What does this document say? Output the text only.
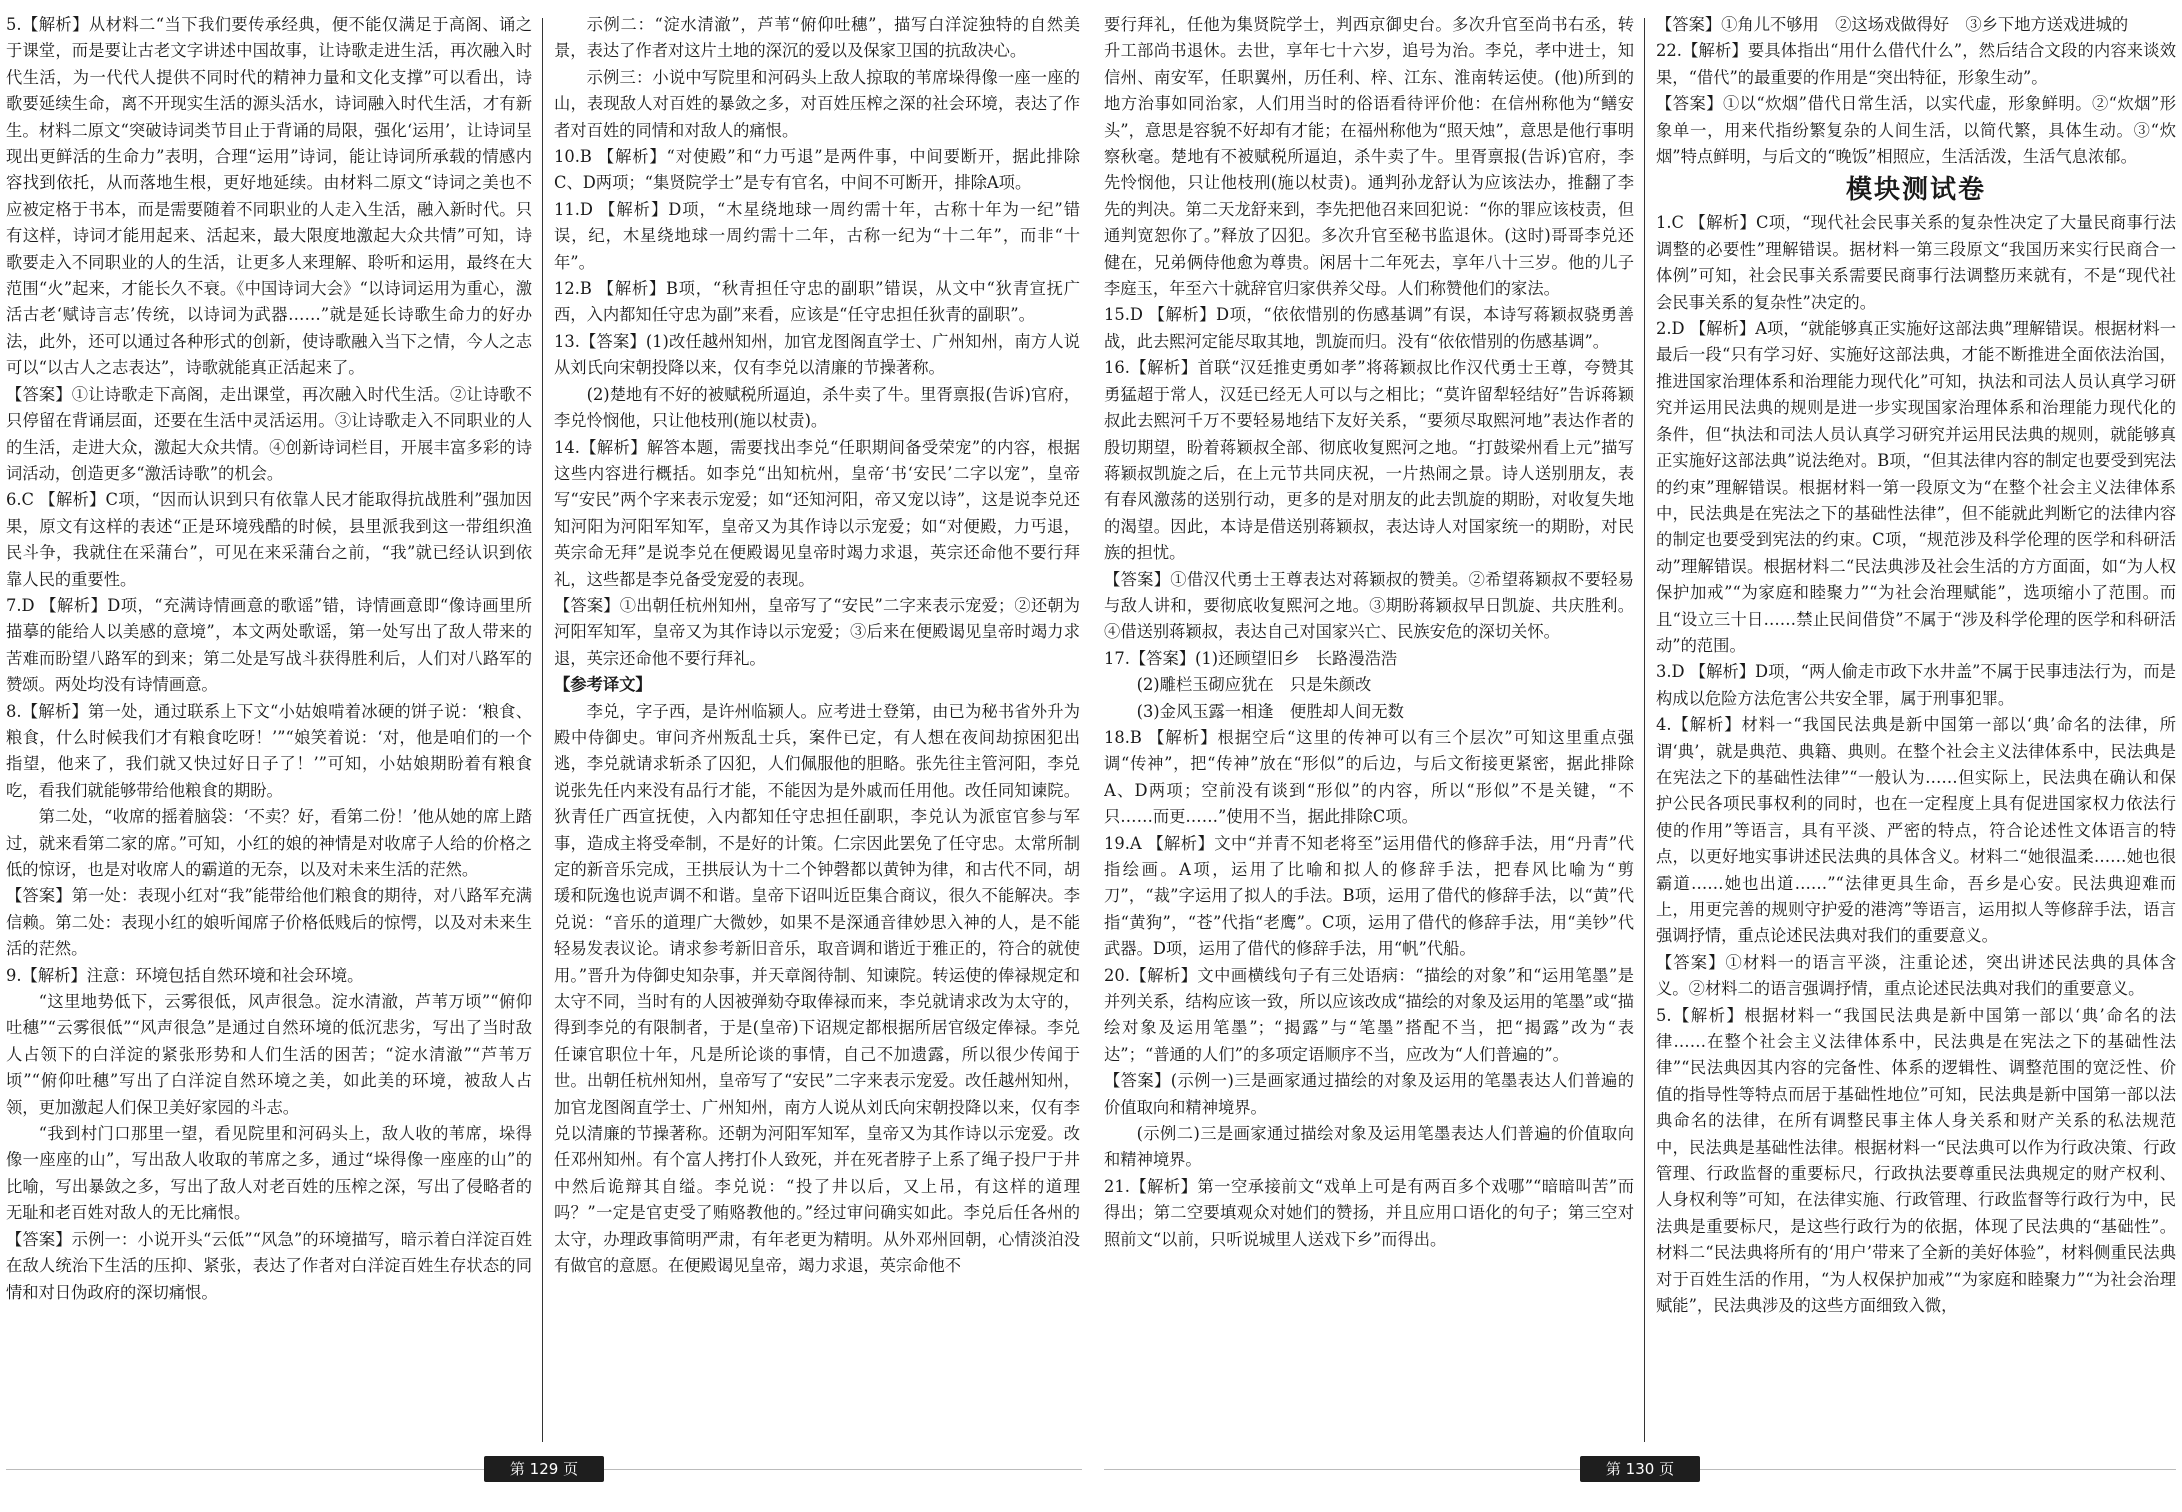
5.【解析】从材料二“当下我们要传承经典，便不能仅满足于高阁、诵之于课堂，而是要让古老文字讲述中国故事，让诗歌走进生活，再次融入时代生活，为一代代人提供不同时代的精神力量和文化支撑”可以看出，诗歌要延续生命，离不开现实生活的源头活水，诗词融入时代生活，才有新生。材料二原文“突破诗词类节目止于背诵的局限，强化‘运用’，让诗词呈现出更鲜活的生命力”表明，合理“运用”诗词，能让诗词所承载的情感内容找到依托，从而落地生根，更好地延续。由材料二原文“诗词之美也不应被定格于书本，而是需要随着不同职业的人走入生活，融入新时代。只有这样，诗词才能用起来、活起来，最大限度地激起大众共情”可知，诗歌要走入不同职业的人的生活，让更多人来理解、聆听和运用，最终在大范围“火”起来，才能长久不衰。《中国诗词大会》“以诗词运用为重心，激活古老‘赋诗言志’传统，以诗词为武器……”就是延长诗歌生命力的好办法，此外，还可以通过各种形式的创新，使诗歌融入当下之情，今人之志可以“以古人之志表达”，诗歌就能真正活起来了。

【答案】①让诗歌走下高阁，走出课堂，再次融入时代生活。②让诗歌不只停留在背诵层面，还要在生活中灵活运用。③让诗歌走入不同职业的人的生活，走进大众，激起大众共情。④创新诗词栏目，开展丰富多彩的诗词活动，创造更多“激活诗歌”的机会。

6.C 【解析】C项，“因而认识到只有依靠人民才能取得抗战胜利”强加因果，原文有这样的表述“正是环境残酷的时候，县里派我到这一带组织渔民斗争，我就住在采蒲台”，可见在来采蒲台之前，“我”就已经认识到依靠人民的重要性。

7.D 【解析】D项，“充满诗情画意的歌谣”错，诗情画意即“像诗画里所描摹的能给人以美感的意境”，本文两处歌谣，第一处写出了敌人带来的苦难而盼望八路军的到来；第二处是写战斗获得胜利后，人们对八路军的赞颂。两处均没有诗情画意。

8.【解析】第一处，通过联系上下文“小姑娘啃着冰硬的饼子说：‘粮食、粮食，什么时候我们才有粮食吃呀！’”“娘笑着说：‘对，他是咱们的一个指望，他来了，我们就又快过好日子了！’”可知，小姑娘期盼着有粮食吃，看我们就能够带给他粮食的期盼。

第二处，“收席的摇着脑袋：‘不卖？好，看第二份！’他从她的席上踏过，就来看第二家的席。”可知，小红的娘的神情是对收席子人给的价格之低的惊讶，也是对收席人的霸道的无奈，以及对未来生活的茫然。

【答案】第一处：表现小红对“我”能带给他们粮食的期待，对八路军充满信赖。第二处：表现小红的娘听闻席子价格低贱后的惊愕，以及对未来生活的茫然。

9.【解析】注意：环境包括自然环境和社会环境。

“这里地势低下，云雾很低，风声很急。淀水清澈，芦苇万顷”“俯仰吐穗”“云雾很低”“风声很急”是通过自然环境的低沉悲劣，写出了当时敌人占领下的白洋淀的紧张形势和人们生活的困苦；“淀水清澈”“芦苇万顷”“俯仰吐穗”写出了白洋淀自然环境之美，如此美的环境，被敌人占领，更加激起人们保卫美好家园的斗志。

“我到村门口那里一望，看见院里和河码头上，敌人收的苇席，垛得像一座座的山”，写出敌人收取的苇席之多，通过“垛得像一座座的山”的比喻，写出暴敛之多，写出了敌人对老百姓的压榨之深，写出了侵略者的无耻和老百姓对敌人的无比痛恨。

【答案】示例一：小说开头“云低”“风急”的环境描写，暗示着白洋淀百姓在敌人统治下生活的压抑、紧张，表达了作者对白洋淀百姓生存状态的同情和对日伪政府的深切痛恨。

示例二：“淀水清澈”，芦苇“俯仰吐穗”，描写白洋淀独特的自然美景，表达了作者对这片土地的深沉的爱以及保家卫国的抗敌决心。

示例三：小说中写院里和河码头上敌人掠取的苇席垛得像一座一座的山，表现敌人对百姓的暴敛之多，对百姓压榨之深的社会环境，表达了作者对百姓的同情和对敌人的痛恨。

10.B 【解析】“对使殿”和“力丐退”是两件事，中间要断开，据此排除C、D两项；“集贤院学士”是专有官名，中间不可断开，排除A项。

11.D 【解析】D项，“木星绕地球一周约需十年，古称十年为一纪”错误，纪，木星绕地球一周约需十二年，古称一纪为“十二年”，而非“十年”。

12.B 【解析】B项，“秋青担任守忠的副职”错误，从文中“狄青宣抚广西，入内都知任守忠为副”来看，应该是“任守忠担任狄青的副职”。

13.【答案】(1)改任越州知州，加官龙图阁直学士、广州知州，南方人说从刘氏向宋朝投降以来，仅有李兑以清廉的节操著称。

(2)楚地有不好的被赋税所逼迫，杀牛卖了牛。里胥禀报(告诉)官府，李兑怜悯他，只让他枝刑(施以杖责)。

14.【解析】解答本题，需要找出李兑“任职期间备受荣宠”的内容，根据这些内容进行概括。如李兑“出知杭州，皇帝‘书‘安民’二字以宠”，皇帝写“安民”两个字来表示宠爱；如“还知河阳，帝又宠以诗”，这是说李兑还知河阳为河阳军知军，皇帝又为其作诗以示宠爱；如“对便殿，力丐退，英宗命无拜”是说李兑在便殿谒见皇帝时竭力求退，英宗还命他不要行拜礼，这些都是李兑备受宠爱的表现。

【答案】①出朝任杭州知州，皇帝写了“安民”二字来表示宠爱；②还朝为河阳军知军，皇帝又为其作诗以示宠爱；③后来在便殿谒见皇帝时竭力求退，英宗还命他不要行拜礼。

【参考译文】

李兑，字子西，是许州临颍人。应考进士登第，由已为秘书省外升为殿中侍御史。审问齐州叛乱士兵，案件已定，有人想在夜间劫掠困犯出逃，李兑就请求斩杀了囚犯，人们佩服他的胆略。张先往主管河阳，李兑说张先任内来没有品行才能，不能因为是外戚而任用他。改任同知谏院。狄青任广西宣抚使，入内都知任守忠担任副职，李兑认为派宦官参与军事，造成主将受牵制，不是好的计策。仁宗因此罢免了任守忠。太常所制定的新音乐完成，王拱辰认为十二个钟磬都以黄钟为律，和古代不同，胡瑗和阮逸也说声调不和谐。皇帝下诏叫近臣集合商议，很久不能解决。李兑说：“音乐的道理广大微妙，如果不是深通音律妙思入神的人，是不能轻易发表议论。请求参考新旧音乐，取音调和谐近于雅正的，符合的就使用。”晋升为侍御史知杂事，并天章阁待制、知谏院。转运使的俸禄规定和太守不同，当时有的人因被弹劾夺取俸禄而来，李兑就请求改为太守的，得到李兑的有限制者，于是(皇帝)下诏规定都根据所居官级定俸禄。李兑任谏官职位十年，凡是所论谈的事情，自己不加遗露，所以很少传闻于世。出朝任杭州知州，皇帝写了“安民”二字来表示宠爱。改任越州知州，加官龙图阁直学士、广州知州，南方人说从刘氏向宋朝投降以来，仅有李兑以清廉的节操著称。还朝为河阳军知军，皇帝又为其作诗以示宠爱。改任邓州知州。有个富人拷打仆人致死，并在死者脖子上系了绳子投尸于井中然后诡辩其自缢。李兑说：“投了井以后，又上吊，有这样的道理吗？”一定是官吏受了贿赂教他的。”经过审问确实如此。李兑后任各州的太守，办理政事简明严肃，有年老更为精明。从外邓州回朝，心情淡泊没有做官的意愿。在便殿谒见皇帝，竭力求退，英宗命他不

第 129 页

要行拜礼，任他为集贤院学士，判西京御史台。多次升官至尚书右丞，转升工部尚书退休。去世，享年七十六岁，追号为治。李兑，孝中进士，知信州、南安军，任职翼州，历任利、梓、江东、淮南转运使。(他)所到的地方治事如同治家，人们用当时的俗语看待评价他：在信州称他为“鳝安头”，意思是容貌不好却有才能；在福州称他为“照天烛”，意思是他行事明察秋毫。楚地有不被赋税所逼迫，杀牛卖了牛。里胥禀报(告诉)官府，李先怜悯他，只让他枝刑(施以杖责)。通判孙龙舒认为应该法办，推翻了李先的判决。第二天龙舒来到，李先把他召来回犯说：“你的罪应该枝责，但通判宽恕你了。”释放了囚犯。多次升官至秘书监退休。(这时)哥哥李兑还健在，兄弟俩侍他愈为尊贵。闲居十二年死去，享年八十三岁。他的儿子李庭玉，年至六十就辞官归家供养父母。人们称赞他们的家法。

15.D 【解析】D项，“依依惜别的伤感基调”有误，本诗写蒋颖叔骁勇善战，此去熙河定能尽取其地，凯旋而归。没有“依依惜别的伤感基调”。

16.【解析】首联“汉廷推吏勇如孝”将蒋颖叔比作汉代勇士王尊，夸赞其勇猛超于常人，汉廷已经无人可以与之相比；“莫许留犁轻结好”告诉蒋颖叔此去熙河千万不要轻易地结下友好关系，“要须尽取熙河地”表达作者的殷切期望，盼着蒋颖叔全部、彻底收复熙河之地。“打鼓梁州看上元”描写蒋颖叔凯旋之后，在上元节共同庆祝，一片热闹之景。诗人送别朋友，表有春风激荡的送别行动，更多的是对朋友的此去凯旋的期盼，对收复失地的渴望。因此，本诗是借送别蒋颖叔，表达诗人对国家统一的期盼，对民族的担忧。

【答案】①借汉代勇士王尊表达对蒋颖叔的赞美。②希望蒋颖叔不要轻易与敌人讲和，要彻底收复熙河之地。③期盼蒋颖叔早日凯旋、共庆胜利。④借送别蒋颖叔，表达自己对国家兴亡、民族安危的深切关怀。

17.【答案】(1)还顾望旧乡　长路漫浩浩

(2)雕栏玉砌应犹在　只是朱颜改

(3)金风玉露一相逢　便胜却人间无数

18.B 【解析】根据空后“这里的传神可以有三个层次”可知这里重点强调“传神”，把“传神”放在“形似”的后边，与后文衔接更紧密，据此排除A、D两项；空前没有谈到“形似”的内容，所以“形似”不是关键，“不只……而更……”使用不当，据此排除C项。

19.A 【解析】文中“并青不知老将至”运用借代的修辞手法，用“丹青”代指绘画。A项，运用了比喻和拟人的修辞手法，把春风比喻为“剪刀”，“裁”字运用了拟人的手法。B项，运用了借代的修辞手法，以“黄”代指“黄狗”，“苍”代指“老鹰”。C项，运用了借代的修辞手法，用“美钞”代武器。D项，运用了借代的修辞手法，用“帆”代船。

20.【解析】文中画横线句子有三处语病：“描绘的对象”和“运用笔墨”是并列关系，结构应该一致，所以应该改成“描绘的对象及运用的笔墨”或“描绘对象及运用笔墨”；“揭露”与“笔墨”搭配不当，把“揭露”改为“表达”；“普通的人们”的多项定语顺序不当，应改为“人们普遍的”。

【答案】(示例一)三是画家通过描绘的对象及运用的笔墨表达人们普遍的价值取向和精神境界。

(示例二)三是画家通过描绘对象及运用笔墨表达人们普遍的价值取向和精神境界。

21.【解析】第一空承接前文“戏单上可是有两百多个戏哪”“暗暗叫苦”而得出；第二空要填观众对她们的赞扬，并且应用口语化的句子；第三空对照前文“以前，只听说城里人送戏下乡”而得出。

【答案】①角儿不够用　②这场戏做得好　③乡下地方送戏进城的

22.【解析】要具体指出“用什么借代什么”，然后结合文段的内容来谈效果，“借代”的最重要的作用是“突出特征，形象生动”。

【答案】①以“炊烟”借代日常生活，以实代虚，形象鲜明。②“炊烟”形象单一，用来代指纷繁复杂的人间生活，以简代繁，具体生动。③“炊烟”特点鲜明，与后文的“晚饭”相照应，生活活泼，生活气息浓郁。

模块测试卷

1.C 【解析】C项，“现代社会民事关系的复杂性决定了大量民商事行法调整的必要性”理解错误。据材料一第三段原文“我国历来实行民商合一体例”可知，社会民事关系需要民商事行法调整历来就有，不是“现代社会民事关系的复杂性”决定的。

2.D 【解析】A项，“就能够真正实施好这部法典”理解错误。根据材料一最后一段“只有学习好、实施好这部法典，才能不断推进全面依法治国，推进国家治理体系和治理能力现代化”可知，执法和司法人员认真学习研究并运用民法典的规则是进一步实现国家治理体系和治理能力现代化的条件，但“执法和司法人员认真学习研究并运用民法典的规则，就能够真正实施好这部法典”说法绝对。B项，“但其法律内容的制定也要受到宪法的约束”理解错误。根据材料一第一段原文为“在整个社会主义法律体系中，民法典是在宪法之下的基础性法律”，但不能就此判断它的法律内容的制定也要受到宪法的约束。C项，“规范涉及科学伦理的医学和科研活动”理解错误。根据材料二“民法典涉及社会生活的方方面面，如“为人权保护加戒”“为家庭和睦聚力”“为社会治理赋能”，选项缩小了范围。而且“设立三十日……禁止民间借贷”不属于“涉及科学伦理的医学和科研活动”的范围。

3.D 【解析】D项，“两人偷走市政下水井盖”不属于民事违法行为，而是构成以危险方法危害公共安全罪，属于刑事犯罪。

4.【解析】材料一“我国民法典是新中国第一部以‘典’命名的法律，所谓‘典’，就是典范、典籍、典则。在整个社会主义法律体系中，民法典是在宪法之下的基础性法律”“一般认为……但实际上，民法典在确认和保护公民各项民事权利的同时，也在一定程度上具有促进国家权力依法行使的作用”等语言，具有平淡、严密的特点，符合论述性文体语言的特点，以更好地实事讲述民法典的具体含义。材料二“她很温柔……她也很霸道……她也出道……”“法律更具生命，吾乡是心安。民法典迎难而上，用更完善的规则守护爱的港湾”等语言，运用拟人等修辞手法，语言强调抒情，重点论述民法典对我们的重要意义。

【答案】①材料一的语言平淡，注重论述，突出讲述民法典的具体含义。②材料二的语言强调抒情，重点论述民法典对我们的重要意义。

5.【解析】根据材料一“我国民法典是新中国第一部以‘典’命名的法律……在整个社会主义法律体系中，民法典是在宪法之下的基础性法律”“民法典因其内容的完备性、体系的逻辑性、调整范围的宽泛性、价值的指导性等特点而居于基础性地位”可知，民法典是新中国第一部以法典命名的法律，在所有调整民事主体人身关系和财产关系的私法规范中，民法典是基础性法律。根据材料一“民法典可以作为行政决策、行政管理、行政监督的重要标尺，行政执法要尊重民法典规定的财产权利、人身权利等”可知，在法律实施、行政管理、行政监督等行政行为中，民法典是重要标尺，是这些行政行为的依据，体现了民法典的“基础性”。材料二“民法典将所有的‘用户’带来了全新的美好体验”，材料侧重民法典对于百姓生活的作用，“为人权保护加戒”“为家庭和睦聚力”“为社会治理赋能”，民法典涉及的这些方面细致入微，

第 130 页
